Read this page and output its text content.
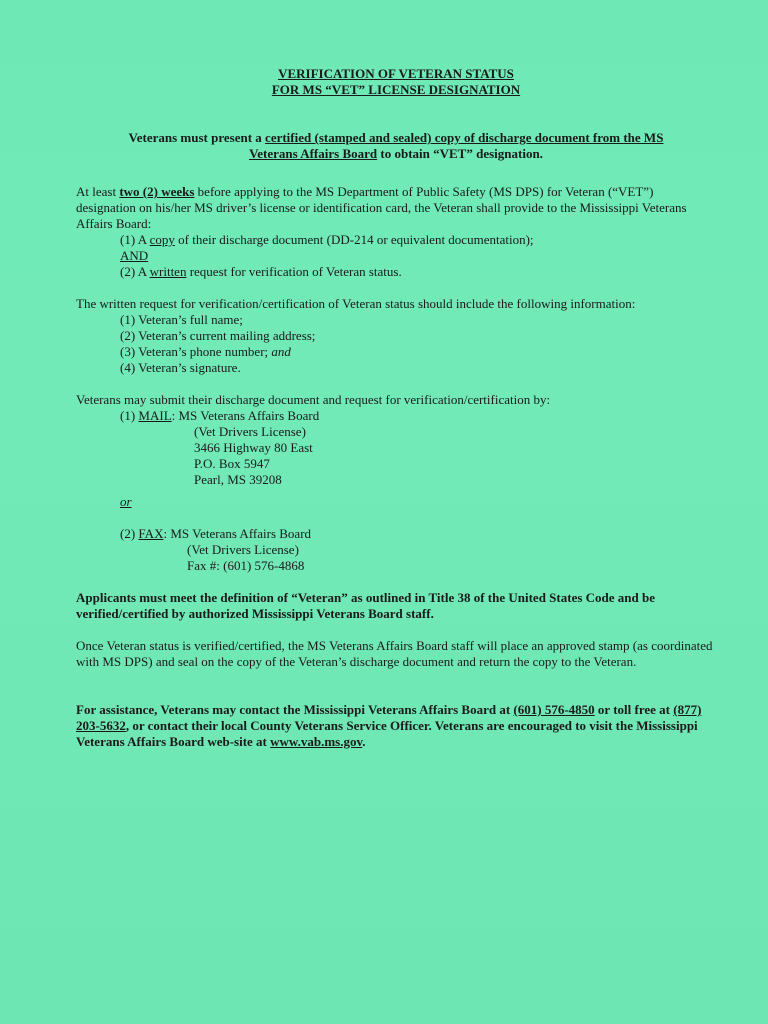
VERIFICATION OF VETERAN STATUS
FOR MS “VET” LICENSE DESIGNATION

Veterans must present a certified (stamped and sealed) copy of discharge document from the MS
Veterans Affairs Board to obtain “VET” designation.

At least two (2) weeks before applying to the MS Department of Public Safety (MS DPS) for Veteran (“VET”) designation on his/her MS driver’s license or identification card, the Veteran shall provide to the Mississippi Veterans Affairs Board:

(1) A copy of their discharge document (DD-214 or equivalent documentation);

AND

(2) A written request for verification of Veteran status.

The written request for verification/certification of Veteran status should include the following information:

(1) Veteran’s full name;

(2) Veteran’s current mailing address;

(3) Veteran’s phone number; and

(4) Veteran’s signature.

Veterans may submit their discharge document and request for verification/certification by:

(1) MAIL: MS Veterans Affairs Board

(Vet Drivers License)

3466 Highway 80 East

P.O. Box 5947

Pearl, MS 39208

or

(2) FAX: MS Veterans Affairs Board

(Vet Drivers License)

Fax #: (601) 576-4868

Applicants must meet the definition of “Veteran” as outlined in Title 38 of the United States Code and be verified/certified by authorized Mississippi Veterans Board staff.

Once Veteran status is verified/certified, the MS Veterans Affairs Board staff will place an approved stamp (as coordinated with MS DPS) and seal on the copy of the Veteran’s discharge document and return the copy to the Veteran.

For assistance, Veterans may contact the Mississippi Veterans Affairs Board at (601) 576-4850 or toll free at (877) 203-5632, or contact their local County Veterans Service Officer. Veterans are encouraged to visit the Mississippi Veterans Affairs Board web-site at www.vab.ms.gov.
